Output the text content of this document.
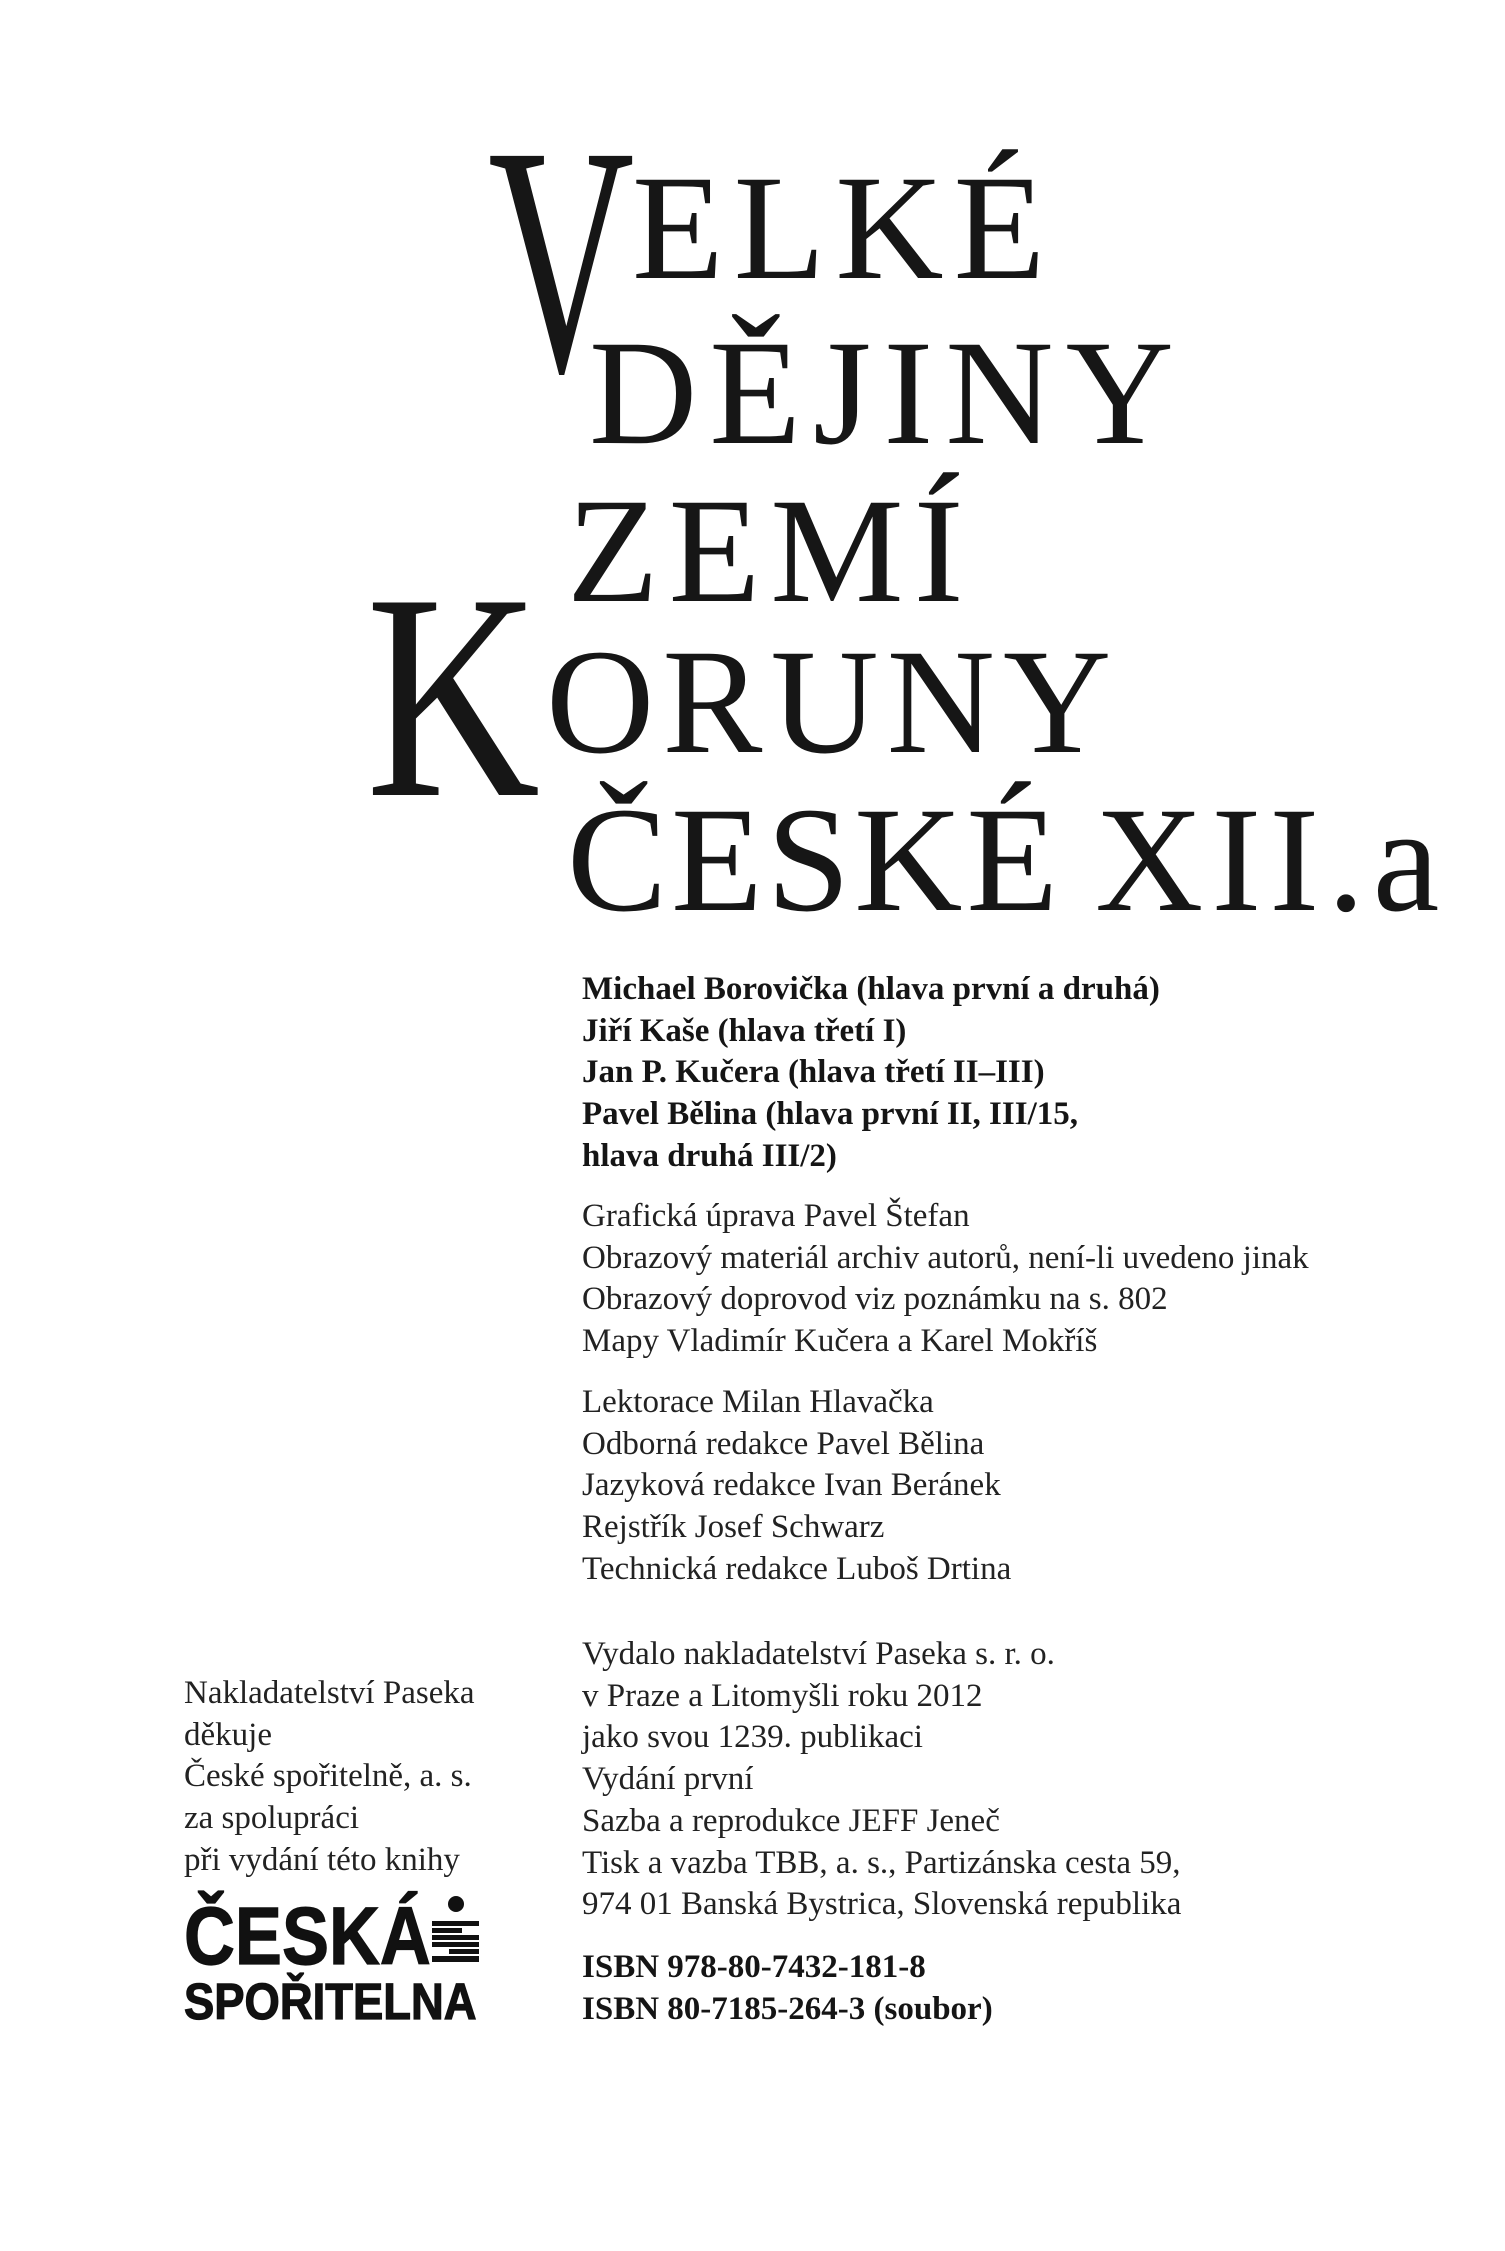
V
ELKÉ
DĚJINY
ZEMÍ
K ORUNY
ČESKÉ XII.a
Michael Borovička (hlava první a druhá)
Jiří Kaše (hlava třetí I)
Jan P. Kučera (hlava třetí II–III)
Pavel Bělina (hlava první II, III/15,
hlava druhá III/2)
Grafická úprava Pavel Štefan
Obrazový materiál archiv autorů, není-li uvedeno jinak
Obrazový doprovod viz poznámku na s. 802
Mapy Vladimír Kučera a Karel Mokříš
Lektorace Milan Hlavačka
Odborná redakce Pavel Bělina
Jazyková redakce Ivan Beránek
Rejstřík Josef Schwarz
Technická redakce Luboš Drtina
Vydalo nakladatelství Paseka s. r. o.
v Praze a Litomyšli roku 2012
jako svou 1239. publikaci
Vydání první
Sazba a reprodukce JEFF Jeneč
Tisk a vazba TBB, a. s., Partizánska cesta 59,
974 01 Banská Bystrica, Slovenská republika
ISBN 978-80-7432-181-8
ISBN 80-7185-264-3 (soubor)
Nakladatelství Paseka
děkuje
České spořitelně, a. s.
za spolupráci
při vydání této knihy
ČESKÁ
SPOŘITELNA
